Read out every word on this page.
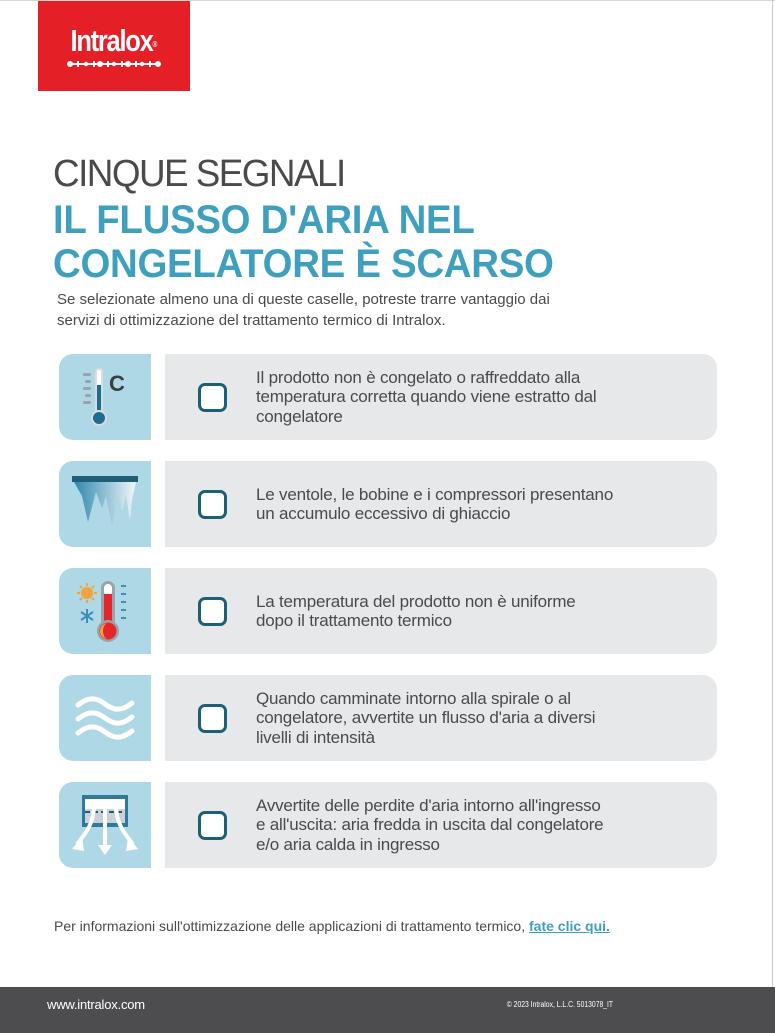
Intralox®
CINQUE SEGNALI
IL FLUSSO D'ARIA NEL
CONGELATORE È SCARSO
Se selezionate almeno una di queste caselle, potreste trarre vantaggio dai
servizi di ottimizzazione del trattamento termico di Intralox.
C	Il prodotto non è congelato o raffreddato alla
temperatura corretta quando viene estratto dal
congelatore
Le ventole, le bobine e i compressori presentano
un accumulo eccessivo di ghiaccio
La temperatura del prodotto non è uniforme
dopo il trattamento termico
Quando camminate intorno alla spirale o al
congelatore, avvertite un flusso d'aria a diversi
livelli di intensità
Avvertite delle perdite d'aria intorno all'ingresso
e all'uscita: aria fredda in uscita dal congelatore
e/o aria calda in ingresso
Per informazioni sull'ottimizzazione delle applicazioni di trattamento termico, fate clic qui.
www.intralox.com	© 2023 Intralox, L.L.C. 5013078_IT
